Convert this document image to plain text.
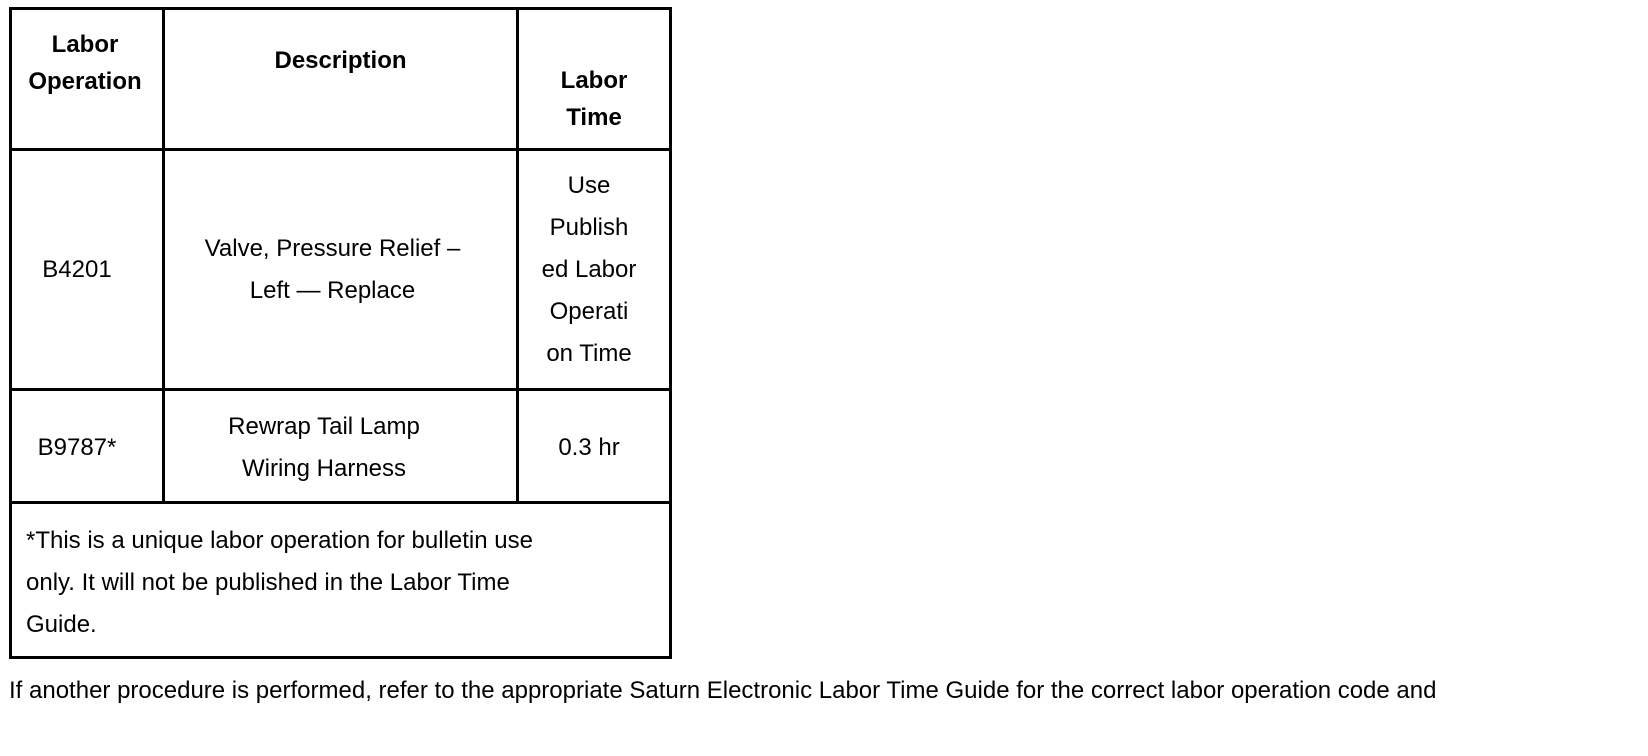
Labor
Operation
Description
Labor
Time
B4201
Valve, Pressure Relief –
Left — Replace
Use
Publish
ed Labor
Operati
on Time
B9787*
Rewrap Tail Lamp
Wiring Harness
0.3 hr
*This is a unique labor operation for bulletin use
only. It will not be published in the Labor Time
Guide.
If another procedure is performed, refer to the appropriate Saturn Electronic Labor Time Guide for the correct labor operation code and
